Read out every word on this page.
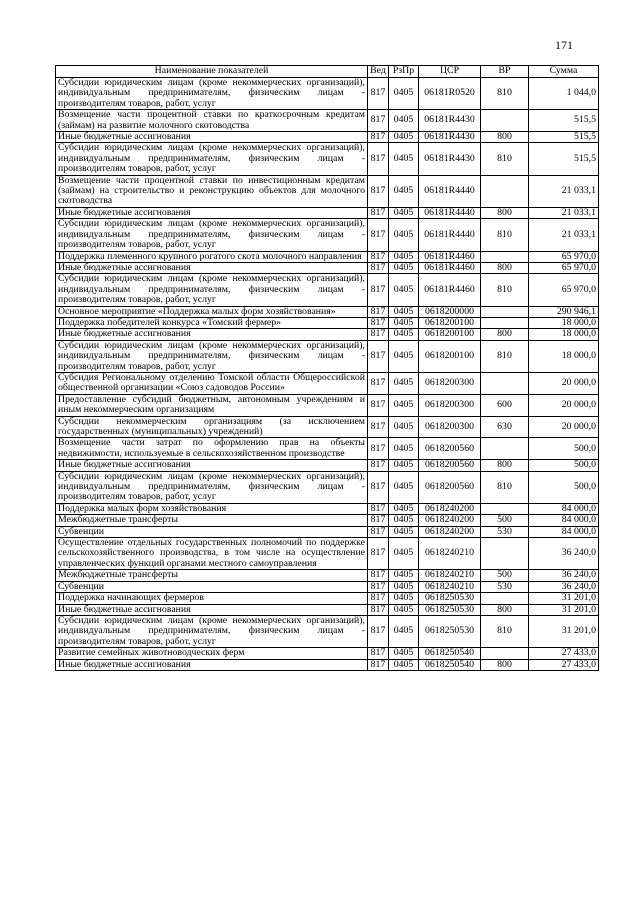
171
Наименование показателей	Вед	РзПр	ЦСР	ВР	Сумма
Субсидии юридическим лицам (кроме некоммерческих организаций), индивидуальным предпринимателям, физическим лицам - производителям товаров, работ, услуг	817	0405	06181R0520	810	1 044,0
Возмещение части процентной ставки по краткосрочным кредитам (займам) на развитие молочного скотоводства	817	0405	06181R4430		515,5
Иные бюджетные ассигнования	817	0405	06181R4430	800	515,5
Субсидии юридическим лицам (кроме некоммерческих организаций), индивидуальным предпринимателям, физическим лицам - производителям товаров, работ, услуг	817	0405	06181R4430	810	515,5
Возмещение части процентной ставки по инвестиционным кредитам (займам) на строительство и реконструкцию объектов для молочного скотоводства	817	0405	06181R4440		21 033,1
Иные бюджетные ассигнования	817	0405	06181R4440	800	21 033,1
Субсидии юридическим лицам (кроме некоммерческих организаций), индивидуальным предпринимателям, физическим лицам - производителям товаров, работ, услуг	817	0405	06181R4440	810	21 033,1
Поддержка племенного крупного рогатого скота молочного направления	817	0405	06181R4460		65 970,0
Иные бюджетные ассигнования	817	0405	06181R4460	800	65 970,0
Субсидии юридическим лицам (кроме некоммерческих организаций), индивидуальным предпринимателям, физическим лицам - производителям товаров, работ, услуг	817	0405	06181R4460	810	65 970,0
Основное мероприятие «Поддержка малых форм хозяйствования»	817	0405	0618200000		290 946,1
Поддержка победителей конкурса «Томский фермер»	817	0405	0618200100		18 000,0
Иные бюджетные ассигнования	817	0405	0618200100	800	18 000,0
Субсидии юридическим лицам (кроме некоммерческих организаций), индивидуальным предпринимателям, физическим лицам - производителям товаров, работ, услуг	817	0405	0618200100	810	18 000,0
Субсидия Региональному отделению Томской области Общероссийской общественной организации «Союз садоводов России»	817	0405	0618200300		20 000,0
Предоставление субсидий бюджетным, автономным учреждениям и иным некоммерческим организациям	817	0405	0618200300	600	20 000,0
Субсидии некоммерческим организациям (за исключением государственных (муниципальных) учреждений)	817	0405	0618200300	630	20 000,0
Возмещение части затрат по оформлению прав на объекты недвижимости, используемые в сельскохозяйственном производстве	817	0405	0618200560		500,0
Иные бюджетные ассигнования	817	0405	0618200560	800	500,0
Субсидии юридическим лицам (кроме некоммерческих организаций), индивидуальным предпринимателям, физическим лицам - производителям товаров, работ, услуг	817	0405	0618200560	810	500,0
Поддержка малых форм хозяйствования	817	0405	0618240200		84 000,0
Межбюджетные трансферты	817	0405	0618240200	500	84 000,0
Субвенции	817	0405	0618240200	530	84 000,0
Осуществление отдельных государственных полномочий по поддержке сельскохозяйственного производства, в том числе на осуществление управленческих функций органами местного самоуправления	817	0405	0618240210		36 240,0
Межбюджетные трансферты	817	0405	0618240210	500	36 240,0
Субвенции	817	0405	0618240210	530	36 240,0
Поддержка начинающих фермеров	817	0405	0618250530		31 201,0
Иные бюджетные ассигнования	817	0405	0618250530	800	31 201,0
Субсидии юридическим лицам (кроме некоммерческих организаций), индивидуальным предпринимателям, физическим лицам - производителям товаров, работ, услуг	817	0405	0618250530	810	31 201,0
Развитие семейных животноводческих ферм	817	0405	0618250540		27 433,0
Иные бюджетные ассигнования	817	0405	0618250540	800	27 433,0
